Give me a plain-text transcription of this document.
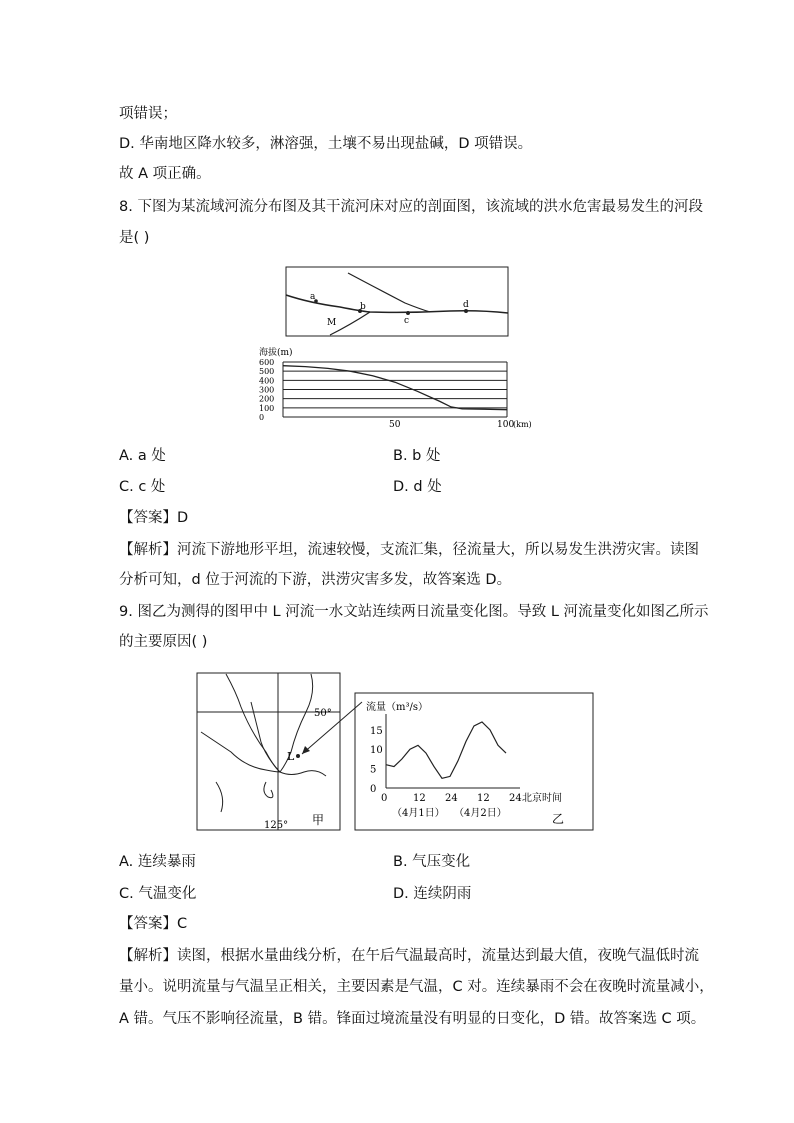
项错误；
D. 华南地区降水较多，淋溶强，土壤不易出现盐碱，D 项错误。
故 A 项正确。
8. 下图为某流域河流分布图及其干流河床对应的剖面图，该流域的洪水危害最易发生的河段
是( )
a
b
c
d
M
海拔(m)
600
500
400
300
200
100
0
50	100
(km)
A. a 处	B. b 处
C. c 处	D. d 处
【答案】D
【解析】河流下游地形平坦，流速较慢，支流汇集，径流量大，所以易发生洪涝灾害。读图
分析可知，d 位于河流的下游，洪涝灾害多发，故答案选 D。
9. 图乙为测得的图甲中 L 河流一水文站连续两日流量变化图。导致 L 河流量变化如图乙所示
的主要原因( )
L
50°
125° 甲
流量（m³/s）
15
10
5
0
0	12 24 12 24 北京时间
（4月1日） （4月2日）	乙
A. 连续暴雨	B. 气压变化
C. 气温变化	D. 连续阴雨
【答案】C
【解析】读图，根据水量曲线分析，在午后气温最高时，流量达到最大值，夜晚气温低时流
量小。说明流量与气温呈正相关，主要因素是气温，C 对。连续暴雨不会在夜晚时流量减小，
A 错。气压不影响径流量，B 错。锋面过境流量没有明显的日变化，D 错。故答案选 C 项。
